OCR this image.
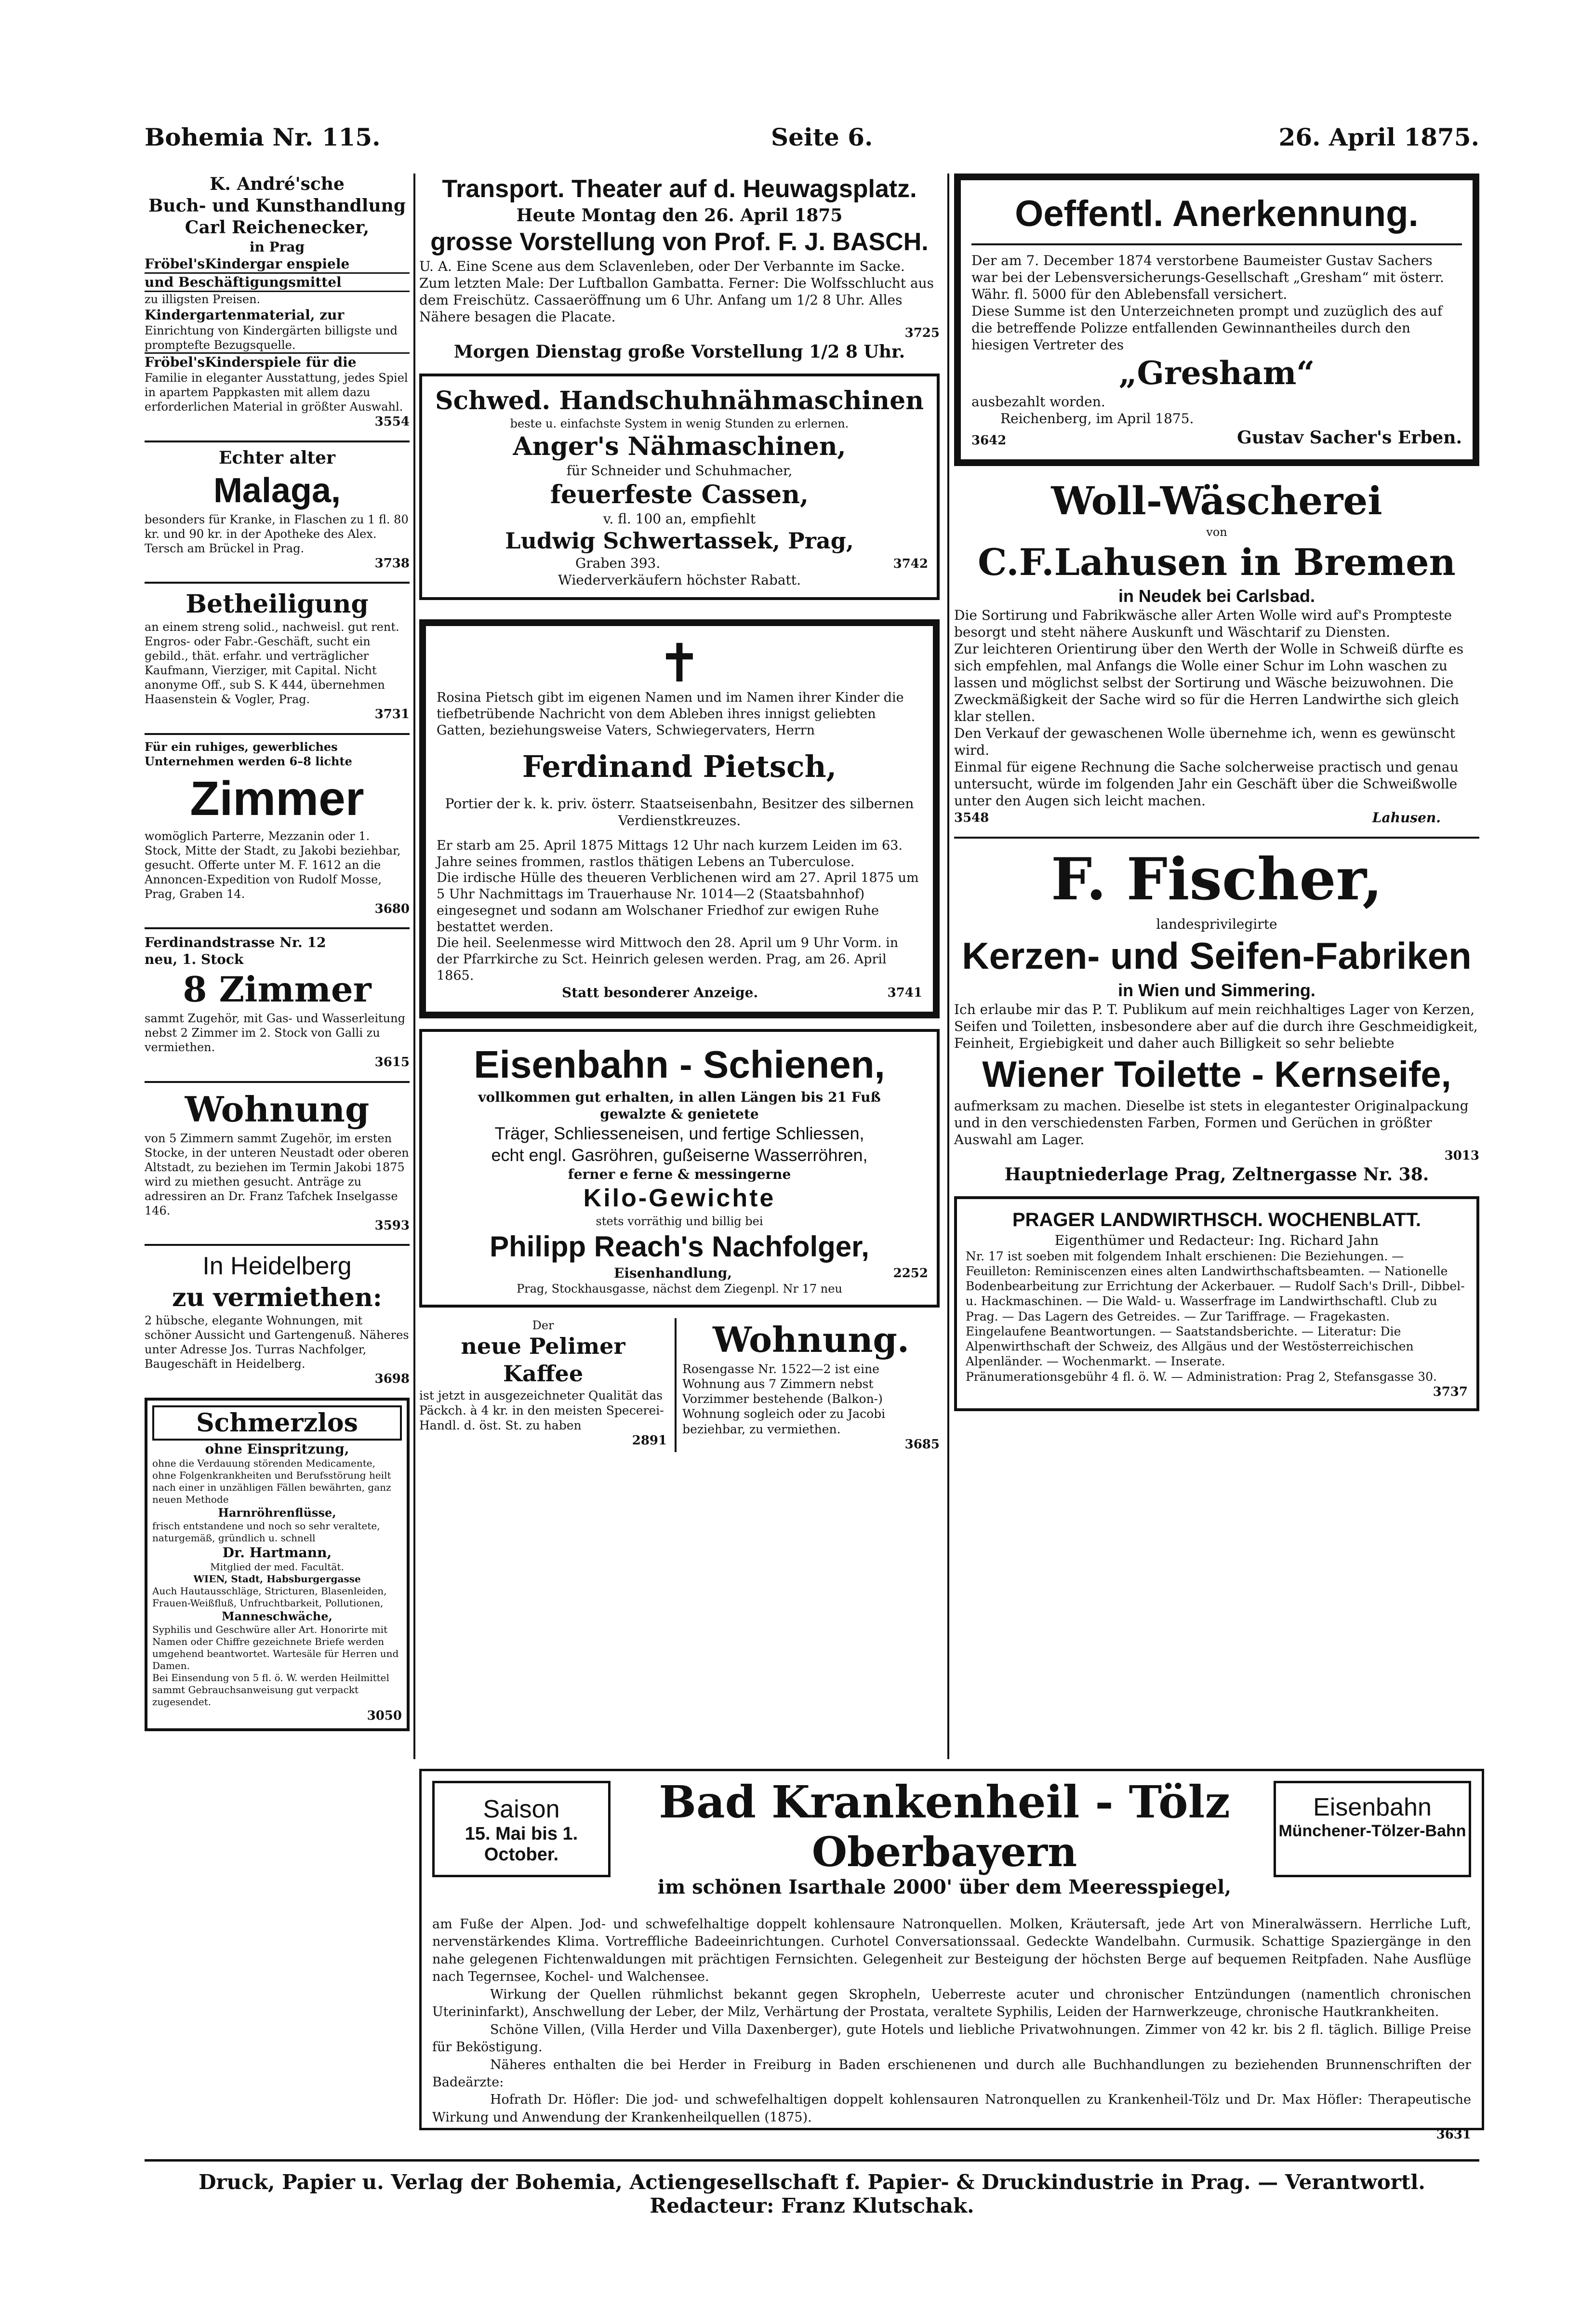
Bohemia Nr. 115.	Seite 6.	26. April 1875.
K. André'sche
Buch- und Kunsthandlung
Carl Reichenecker,
in Prag
Fröbel'sKindergar enspiele
und Beschäftigungsmittel
zu illigsten Preisen.
Kindergartenmaterial, zur
Einrichtung von Kindergärten billigste und promptefte Bezugsquelle.
Fröbel'sKinderspiele für die
Familie in eleganter Ausstattung, jedes Spiel in apartem Pappkasten mit allem dazu erforderlichen Material in größter Auswahl.
3554
Echter alter
Malaga,
besonders für Kranke, in Flaschen zu 1 fl. 80 kr. und 90 kr. in der Apotheke des Alex. Tersch am Brückel in Prag.
3738
Betheiligung
an einem streng solid., nachweisl. gut rent. Engros- oder Fabr.-Geschäft, sucht ein gebild., thät. erfahr. und verträglicher Kaufmann, Vierziger, mit Capital. Nicht anonyme Off., sub S. K 444, übernehmen Haasenstein & Vogler, Prag.
3731
Für ein ruhiges, gewerbliches Unternehmen werden 6–8 lichte
Zimmer
womöglich Parterre, Mezzanin oder 1. Stock, Mitte der Stadt, zu Jakobi beziehbar, gesucht. Offerte unter M. F. 1612 an die Annoncen-Expedition von Rudolf Mosse, Prag, Graben 14.
3680
Ferdinandstrasse Nr. 12
neu, 1. Stock
8 Zimmer
sammt Zugehör, mit Gas- und Wasserleitung nebst 2 Zimmer im 2. Stock von Galli zu vermiethen.
3615
Wohnung
von 5 Zimmern sammt Zugehör, im ersten Stocke, in der unteren Neustadt oder oberen Altstadt, zu beziehen im Termin Jakobi 1875 wird zu miethen gesucht. Anträge zu adressiren an Dr. Franz Tafchek Inselgasse 146.
3593
In Heidelberg
zu vermiethen:
2 hübsche, elegante Wohnungen, mit schöner Aussicht und Gartengenuß. Näheres unter Adresse Jos. Turras Nachfolger, Baugeschäft in Heidelberg.
3698
Schmerzlos
ohne Einspritzung,
ohne die Verdauung störenden Medicamente, ohne Folgenkrankheiten und Berufsstörung heilt nach einer in unzähligen Fällen bewährten, ganz neuen Methode
Harnröhrenflüsse,
frisch entstandene und noch so sehr veraltete, naturgemäß, gründlich u. schnell
Dr. Hartmann,
Mitglied der med. Facultät.
WIEN, Stadt, Habsburgergasse
Auch Hautausschläge, Stricturen, Blasenleiden, Frauen-Weißfluß, Unfruchtbarkeit, Pollutionen,
Manneschwäche,
Syphilis und Geschwüre aller Art. Honorirte mit Namen oder Chiffre gezeichnete Briefe werden umgehend beantwortet. Wartesäle für Herren und Damen.
Bei Einsendung von 5 fl. ö. W. werden Heilmittel sammt Gebrauchsanweisung gut verpackt zugesendet.
3050
Transport. Theater auf d. Heuwagsplatz.
Heute Montag den 26. April 1875
grosse Vorstellung von Prof. F. J. BASCH.
U. A. Eine Scene aus dem Sclavenleben, oder Der Verbannte im Sacke. Zum letzten Male: Der Luftballon Gambatta. Ferner: Die Wolfsschlucht aus dem Freischütz. Cassaeröffnung um 6 Uhr. Anfang um 1/2 8 Uhr. Alles Nähere besagen die Placate.
3725
Morgen Dienstag große Vorstellung 1/2 8 Uhr.
Schwed. Handschuhnähmaschinen
beste u. einfachste System in wenig Stunden zu erlernen.
Anger's Nähmaschinen,
für Schneider und Schuhmacher,
feuerfeste Cassen,
v. fl. 100 an, empfiehlt
Ludwig Schwertassek, Prag,
Graben 393.	3742
Wiederverkäufern höchster Rabatt.
✝
Rosina Pietsch gibt im eigenen Namen und im Namen ihrer Kinder die tiefbetrübende Nachricht von dem Ableben ihres innigst geliebten Gatten, beziehungsweise Vaters, Schwiegervaters, Herrn
Ferdinand Pietsch,
Portier der k. k. priv. österr. Staatseisenbahn, Besitzer des silbernen Verdienstkreuzes.
Er starb am 25. April 1875 Mittags 12 Uhr nach kurzem Leiden im 63. Jahre seines frommen, rastlos thätigen Lebens an Tuberculose.
Die irdische Hülle des theueren Verblichenen wird am 27. April 1875 um 5 Uhr Nachmittags im Trauerhause Nr. 1014—2 (Staatsbahnhof) eingesegnet und sodann am Wolschaner Friedhof zur ewigen Ruhe bestattet werden.
Die heil. Seelenmesse wird Mittwoch den 28. April um 9 Uhr Vorm. in der Pfarrkirche zu Sct. Heinrich gelesen werden. Prag, am 26. April 1865.
Statt besonderer Anzeige.	3741
Eisenbahn - Schienen,
vollkommen gut erhalten, in allen Längen bis 21 Fuß
gewalzte & genietete
Träger, Schliesseneisen, und fertige Schliessen,
echt engl. Gasröhren, gußeiserne Wasserröhren,
ferner e ferne & messingerne
Kilo-Gewichte
stets vorräthig und billig bei
Philipp Reach's Nachfolger,
Eisenhandlung,	2252
Prag, Stockhausgasse, nächst dem Ziegenpl. Nr 17 neu
Der
neue Pelimer Kaffee
ist jetzt in ausgezeichneter Qualität das Päckch. à 4 kr. in den meisten Specerei-Handl. d. öst. St. zu haben
2891
Wohnung.
Rosengasse Nr. 1522—2 ist eine Wohnung aus 7 Zimmern nebst Vorzimmer bestehende (Balkon-) Wohnung sogleich oder zu Jacobi beziehbar, zu vermiethen.
3685
Oeffentl. Anerkennung.
Der am 7. December 1874 verstorbene Baumeister Gustav Sachers war bei der Lebensversicherungs-Gesellschaft „Gresham“ mit österr. Währ. fl. 5000 für den Ablebensfall versichert.
Diese Summe ist den Unterzeichneten prompt und zuzüglich des auf die betreffende Polizze entfallenden Gewinnantheiles durch den hiesigen Vertreter des
„Gresham“
ausbezahlt worden.
Reichenberg, im April 1875.
3642	Gustav Sacher's Erben.
Woll-Wäscherei
von
C.F.Lahusen in Bremen
in Neudek bei Carlsbad.
Die Sortirung und Fabrikwäsche aller Arten Wolle wird auf's Prompteste besorgt und steht nähere Auskunft und Wäschtarif zu Diensten.
Zur leichteren Orientirung über den Werth der Wolle in Schweiß dürfte es sich empfehlen, mal Anfangs die Wolle einer Schur im Lohn waschen zu lassen und möglichst selbst der Sortirung und Wäsche beizuwohnen. Die Zweckmäßigkeit der Sache wird so für die Herren Landwirthe sich gleich klar stellen.
Den Verkauf der gewaschenen Wolle übernehme ich, wenn es gewünscht wird.
Einmal für eigene Rechnung die Sache solcherweise practisch und genau untersucht, würde im folgenden Jahr ein Geschäft über die Schweißwolle unter den Augen sich leicht machen.
3548	Lahusen.
F. Fischer,
landesprivilegirte
Kerzen- und Seifen-Fabriken
in Wien und Simmering.
Ich erlaube mir das P. T. Publikum auf mein reichhaltiges Lager von Kerzen, Seifen und Toiletten, insbesondere aber auf die durch ihre Geschmeidigkeit, Feinheit, Ergiebigkeit und daher auch Billigkeit so sehr beliebte
Wiener Toilette - Kernseife,
aufmerksam zu machen. Dieselbe ist stets in elegantester Originalpackung und in den verschiedensten Farben, Formen und Gerüchen in größter Auswahl am Lager.
3013
Hauptniederlage Prag, Zeltnergasse Nr. 38.
PRAGER LANDWIRTHSCH. WOCHENBLATT.
Eigenthümer und Redacteur: Ing. Richard Jahn
Nr. 17 ist soeben mit folgendem Inhalt erschienen: Die Beziehungen. — Feuilleton: Reminiscenzen eines alten Landwirthschaftsbeamten. — Nationelle Bodenbearbeitung zur Errichtung der Ackerbauer. — Rudolf Sach's Drill-, Dibbel- u. Hackmaschinen. — Die Wald- u. Wasserfrage im Landwirthschaftl. Club zu Prag. — Das Lagern des Getreides. — Zur Tariffrage. — Fragekasten. Eingelaufene Beantwortungen. — Saatstandsberichte. — Literatur: Die Alpenwirthschaft der Schweiz, des Allgäus und der Westösterreichischen Alpenländer. — Wochenmarkt. — Inserate.
Pränumerationsgebühr 4 fl. ö. W. — Administration: Prag 2, Stefansgasse 30.
3737
Saison
15. Mai bis 1. October.
Bad Krankenheil - Tölz
Oberbayern
im schönen Isarthale 2000' über dem Meeresspiegel,
Eisenbahn
Münchener-Tölzer-Bahn
am Fuße der Alpen. Jod- und schwefelhaltige doppelt kohlensaure Natronquellen. Molken, Kräutersaft, jede Art von Mineralwässern. Herrliche Luft, nervenstärkendes Klima. Vortreffliche Badeeinrichtungen. Curhotel Conversationssaal. Gedeckte Wandelbahn. Curmusik. Schattige Spaziergänge in den nahe gelegenen Fichtenwaldungen mit prächtigen Fernsichten. Gelegenheit zur Besteigung der höchsten Berge auf bequemen Reitpfaden. Nahe Ausflüge nach Tegernsee, Kochel- und Walchensee.
Wirkung der Quellen rühmlichst bekannt gegen Skropheln, Ueberreste acuter und chronischer Entzündungen (namentlich chronischen Uterininfarkt), Anschwellung der Leber, der Milz, Verhärtung der Prostata, veraltete Syphilis, Leiden der Harnwerkzeuge, chronische Hautkrankheiten.
Schöne Villen, (Villa Herder und Villa Daxenberger), gute Hotels und liebliche Privatwohnungen. Zimmer von 42 kr. bis 2 fl. täglich. Billige Preise für Beköstigung.
Näheres enthalten die bei Herder in Freiburg in Baden erschienenen und durch alle Buchhandlungen zu beziehenden Brunnenschriften der Badeärzte:
Hofrath Dr. Höfler: Die jod- und schwefelhaltigen doppelt kohlensauren Natronquellen zu Krankenheil-Tölz und Dr. Max Höfler: Therapeutische Wirkung und Anwendung der Krankenheilquellen (1875).
3631
Druck, Papier u. Verlag der Bohemia, Actiengesellschaft f. Papier- & Druckindustrie in Prag. — Verantwortl. Redacteur: Franz Klutschak.
